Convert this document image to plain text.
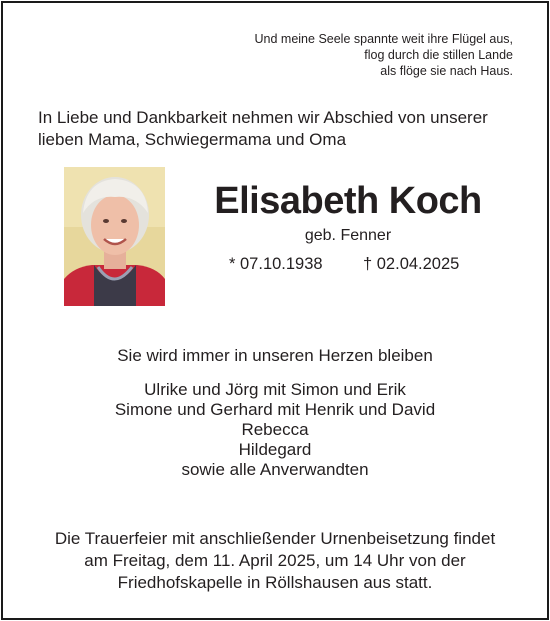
Und meine Seele spannte weit ihre Flügel aus,
flog durch die stillen Lande
als flöge sie nach Haus.
In Liebe und Dankbarkeit nehmen wir Abschied von unserer
lieben Mama, Schwiegermama und Oma
Elisabeth Koch
geb. Fenner
* 07.10.1938 † 02.04.2025
Sie wird immer in unseren Herzen bleiben
Ulrike und Jörg mit Simon und Erik
Simone und Gerhard mit Henrik und David
Rebecca
Hildegard
sowie alle Anverwandten
Die Trauerfeier mit anschließender Urnenbeisetzung findet
am Freitag, dem 11. April 2025, um 14 Uhr von der
Friedhofskapelle in Röllshausen aus statt.
